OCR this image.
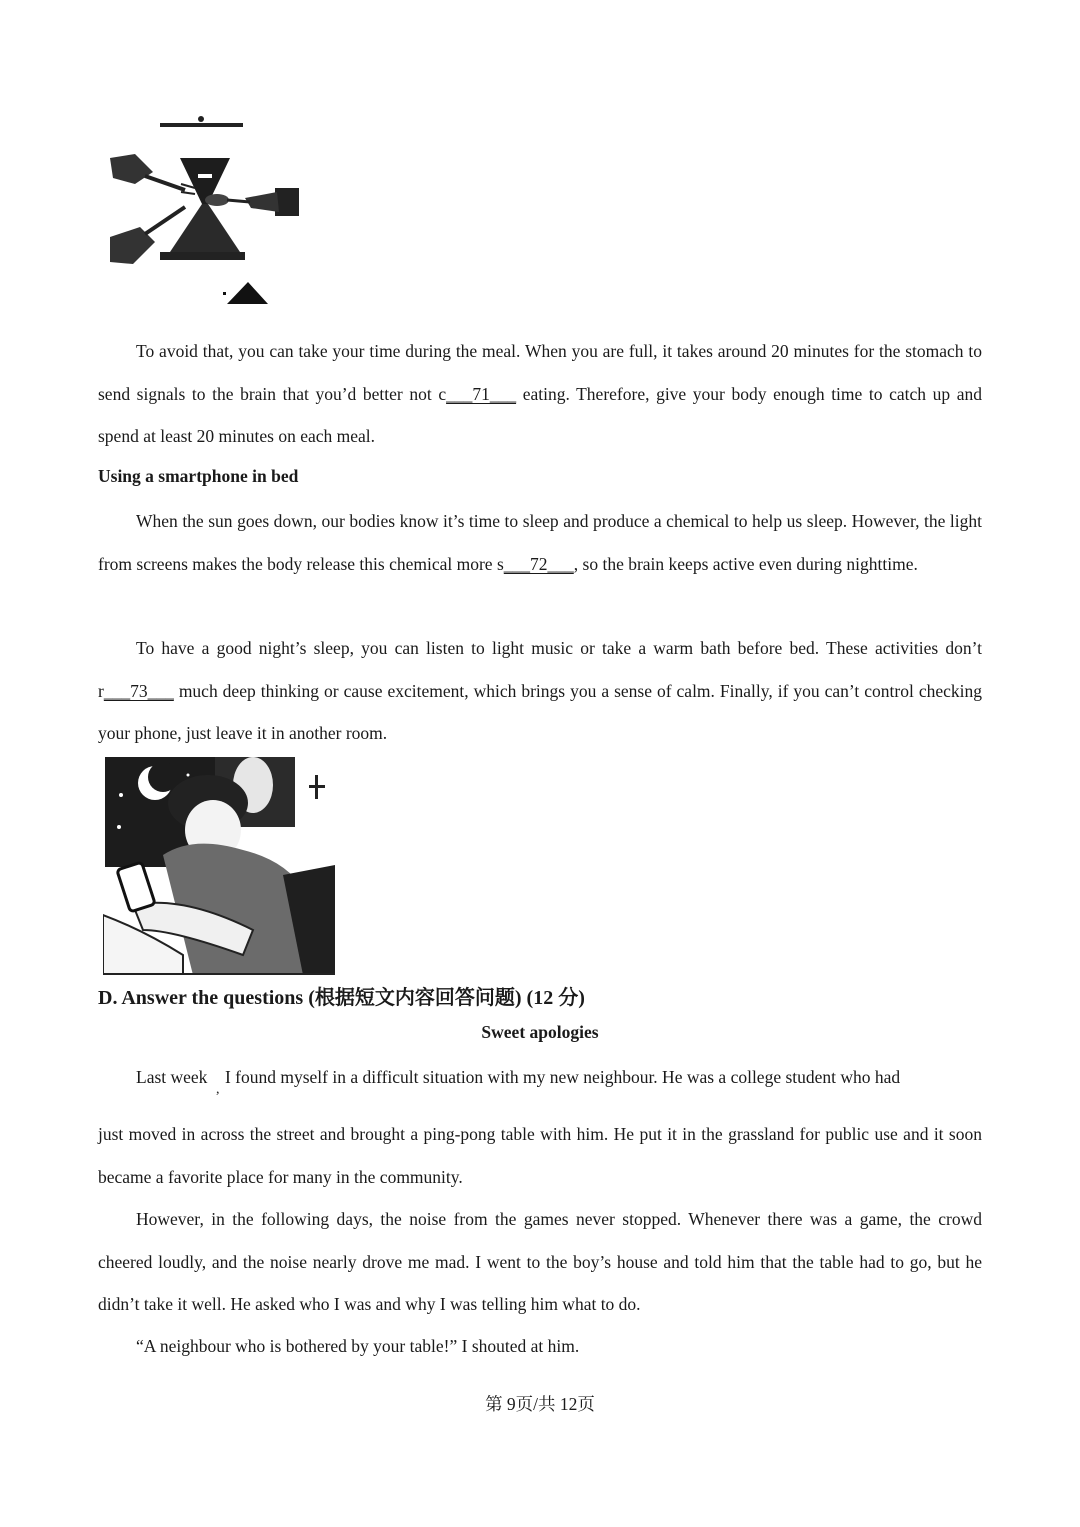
To avoid that, you can take your time during the meal. When you are full, it takes around 20 minutes for the stomach to send signals to the brain that you’d better not c___71___ eating. Therefore, give your body enough time to catch up and spend at least 20 minutes on each meal.

Using a smartphone in bed

When the sun goes down, our bodies know it’s time to sleep and produce a chemical to help us sleep. However, the light from screens makes the body release this chemical more s___72___, so the brain keeps active even during nighttime.

To have a good night’s sleep, you can listen to light music or take a warm bath before bed. These activities don’t r___73___ much deep thinking or cause excitement, which brings you a sense of calm. Finally, if you can’t control checking your phone, just leave it in another room.

D. Answer the questions (根据短文内容回答问题) (12 分)

Sweet apologies

Last week I found myself in a difficult situation with my new neighbour. He was a college student who had

,

just moved in across the street and brought a ping-pong table with him. He put it in the grassland for public use and it soon became a favorite place for many in the community.

However, in the following days, the noise from the games never stopped. Whenever there was a game, the crowd cheered loudly, and the noise nearly drove me mad. I went to the boy’s house and told him that the table had to go, but he didn’t take it well. He asked who I was and why I was telling him what to do.

“A neighbour who is bothered by your table!” I shouted at him.

第 9页/共 12页
